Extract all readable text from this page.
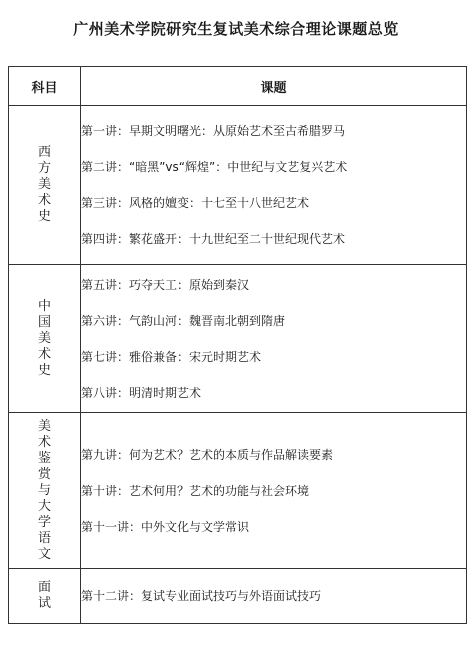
广州美术学院研究生复试美术综合理论课题总览
科目	课题
西方美术史	第一讲：早期文明曙光：从原始艺术至古希腊罗马
第二讲：“暗黑”vs“辉煌”：中世纪与文艺复兴艺术
第三讲：风格的嬗变：十七至十八世纪艺术
第四讲：繁花盛开：十九世纪至二十世纪现代艺术

中国美术史	第五讲：巧夺天工：原始到秦汉
第六讲：气韵山河：魏晋南北朝到隋唐
第七讲：雅俗兼备：宋元时期艺术
第八讲：明清时期艺术

美术鉴赏与大学语文	第九讲：何为艺术？艺术的本质与作品解读要素
第十讲：艺术何用？艺术的功能与社会环境
第十一讲：中外文化与文学常识

面试	第十二讲：复试专业面试技巧与外语面试技巧
